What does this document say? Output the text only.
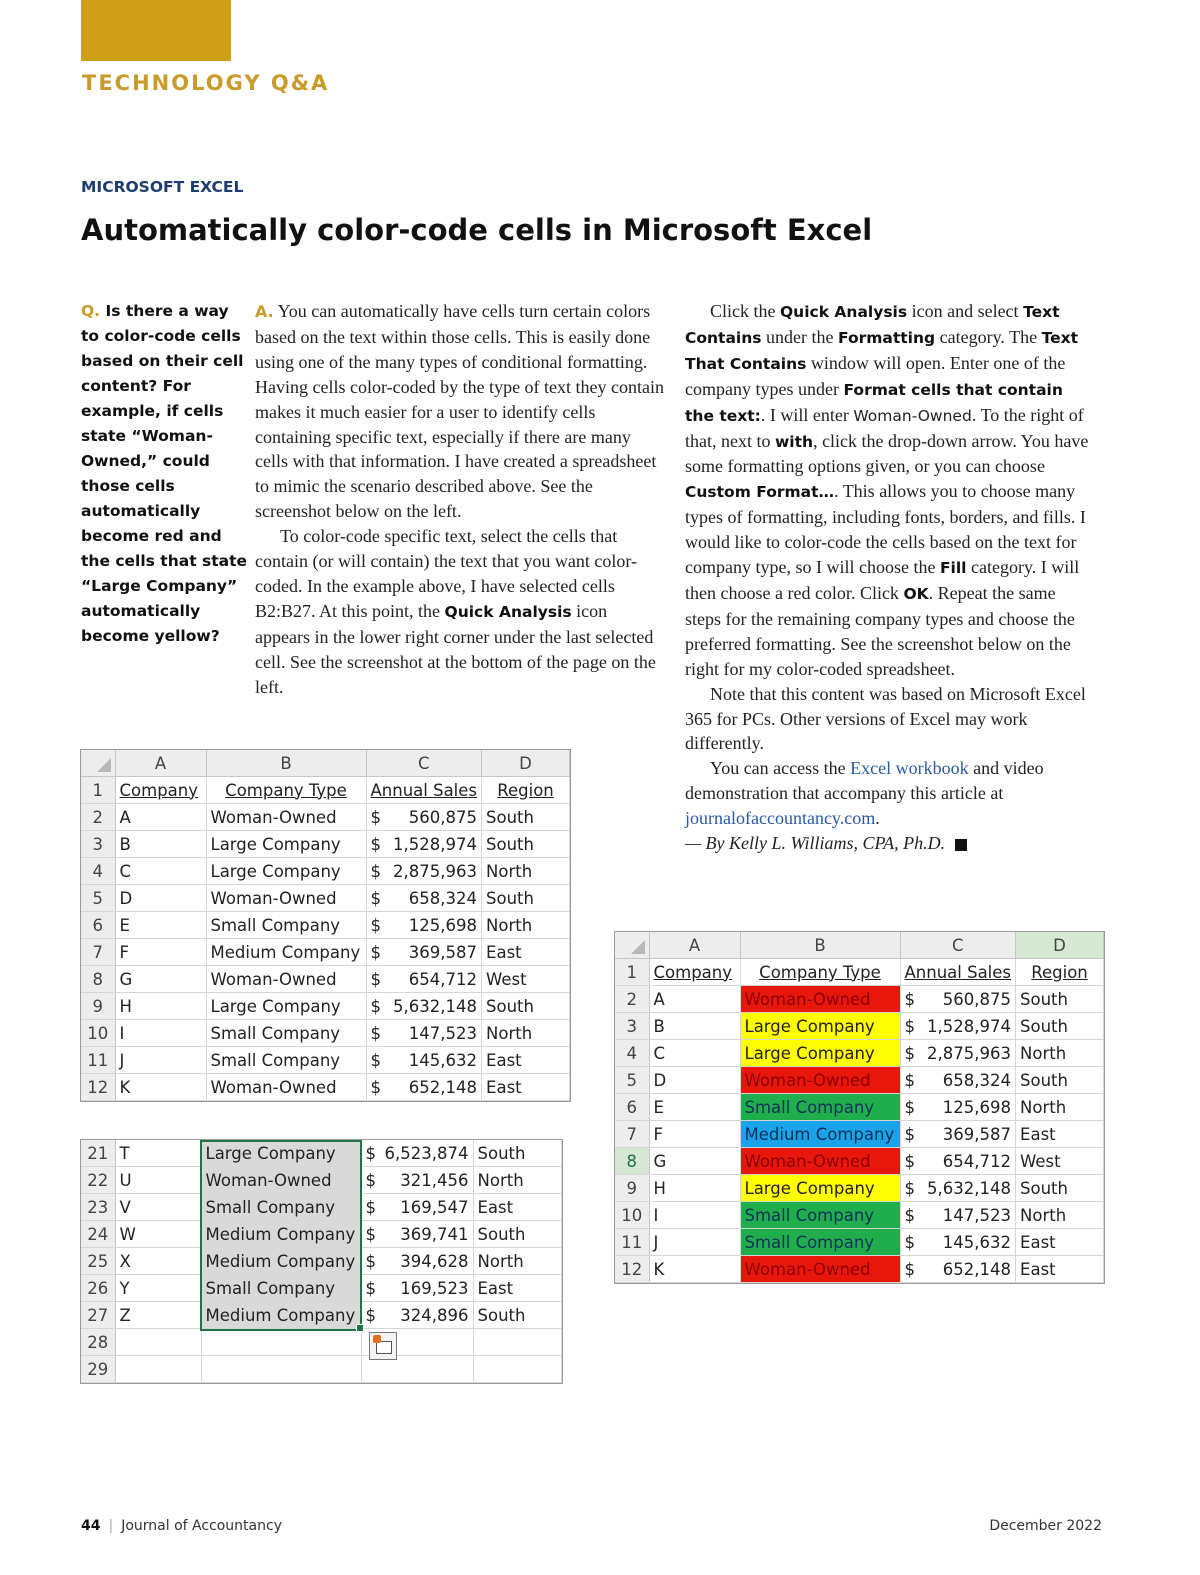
TECHNOLOGY Q&A
MICROSOFT EXCEL
Automatically color-code cells in Microsoft Excel
Q. Is there a way to color-code cells based on their cell content? For example, if cells state “Woman-Owned,” could those cells automatically become red and the cells that state “Large Company” automatically become yellow?

A. You can automatically have cells turn certain colors based on the text within those cells. This is easily done using one of the many types of conditional formatting. Having cells color-coded by the type of text they contain makes it much easier for a user to identify cells containing specific text, especially if there are many cells with that information. I have created a spreadsheet to mimic the scenario described above. See the screenshot below on the left.

To color-code specific text, select the cells that contain (or will contain) the text that you want color-coded. In the example above, I have selected cells B2:B27. At this point, the Quick Analysis icon appears in the lower right corner under the last selected cell. See the screenshot at the bottom of the page on the left.

Click the Quick Analysis icon and select Text Contains under the Formatting category. The Text That Contains window will open. Enter one of the company types under Format cells that contain the text:. I will enter Woman-Owned. To the right of that, next to with, click the drop-down arrow. You have some formatting options given, or you can choose Custom Format…. This allows you to choose many types of formatting, including fonts, borders, and fills. I would like to color-code the cells based on the text for company type, so I will choose the Fill category. I will then choose a red color. Click OK. Repeat the same steps for the remaining company types and choose the preferred formatting. See the screenshot below on the right for my color-coded spreadsheet.

Note that this content was based on Microsoft Excel 365 for PCs. Other versions of Excel may work differently.

You can access the Excel workbook and video demonstration that accompany this article at journalofaccountancy.com.

— By Kelly L. Williams, CPA, Ph.D.

	A	B	C	D
1	Company	Company Type	Annual Sales	Region
2	A	Woman-Owned	$ 560,875	South
3	B	Large Company	$ 1,528,974	South
4	C	Large Company	$ 2,875,963	North
5	D	Woman-Owned	$ 658,324	South
6	E	Small Company	$ 125,698	North
7	F	Medium Company	$ 369,587	East
8	G	Woman-Owned	$ 654,712	West
9	H	Large Company	$ 5,632,148	South
10	I	Small Company	$ 147,523	North
11	J	Small Company	$ 145,632	East
12	K	Woman-Owned	$ 652,148	East
21	T	Large Company	$ 6,523,874	South
22	U	Woman-Owned	$ 321,456	North
23	V	Small Company	$ 169,547	East
24	W	Medium Company	$ 369,741	South
25	X	Medium Company	$ 394,628	North
26	Y	Small Company	$ 169,523	East
27	Z	Medium Company	$ 324,896	South
28				
29				
	A	B	C	D
1	Company	Company Type	Annual Sales	Region
2	A	Woman-Owned	$ 560,875	South
3	B	Large Company	$ 1,528,974	South
4	C	Large Company	$ 2,875,963	North
5	D	Woman-Owned	$ 658,324	South
6	E	Small Company	$ 125,698	North
7	F	Medium Company	$ 369,587	East
8	G	Woman-Owned	$ 654,712	West
9	H	Large Company	$ 5,632,148	South
10	I	Small Company	$ 147,523	North
11	J	Small Company	$ 145,632	East
12	K	Woman-Owned	$ 652,148	East
44 | Journal of Accountancy	December 2022
